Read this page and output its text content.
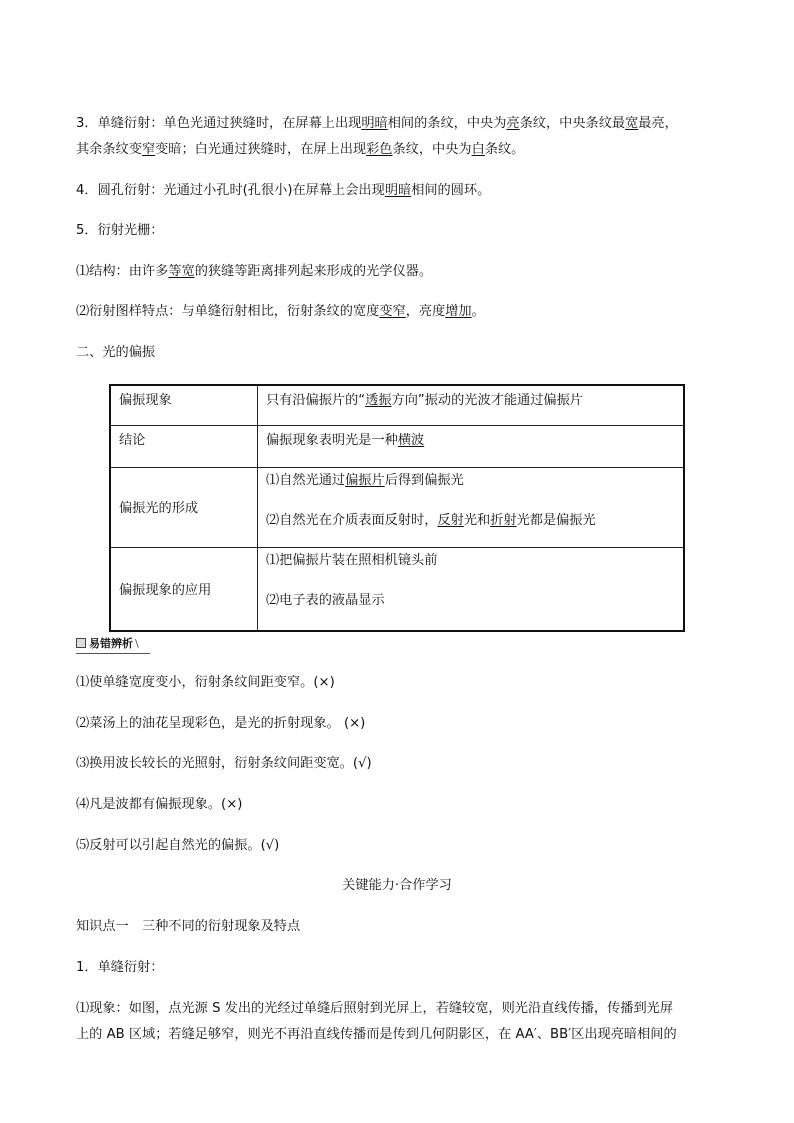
3．单缝衍射：单色光通过狭缝时，在屏幕上出现明暗相间的条纹，中央为亮条纹，中央条纹最宽最亮，
其余条纹变窄变暗；白光通过狭缝时，在屏上出现彩色条纹，中央为白条纹。
4．圆孔衍射：光通过小孔时(孔很小)在屏幕上会出现明暗相间的圆环。
5．衍射光栅：
⑴结构：由许多等宽的狭缝等距离排列起来形成的光学仪器。
⑵衍射图样特点：与单缝衍射相比，衍射条纹的宽度变窄，亮度增加。
二、光的偏振
偏振现象	只有沿偏振片的“透振方向”振动的光波才能通过偏振片
结论	偏振现象表明光是一种横波
偏振光的形成	⑴自然光通过偏振片后得到偏振光
⑵自然光在介质表面反射时，反射光和折射光都是偏振光

偏振现象的应用	⑴把偏振片装在照相机镜头前
⑵电子表的液晶显示
易错辨析 \
⑴使单缝宽度变小，衍射条纹间距变窄。(×)
⑵菜汤上的油花呈现彩色，是光的折射现象。 (×)
⑶换用波长较长的光照射，衍射条纹间距变宽。(√)
⑷凡是波都有偏振现象。(×)
⑸反射可以引起自然光的偏振。(√)
关键能力·合作学习
知识点一　三种不同的衍射现象及特点
1．单缝衍射：
⑴现象：如图，点光源 S 发出的光经过单缝后照射到光屏上，若缝较宽，则光沿直线传播，传播到光屏
上的 AB 区域；若缝足够窄，则光不再沿直线传播而是传到几何阴影区，在 AA′、BB′区出现亮暗相间的
